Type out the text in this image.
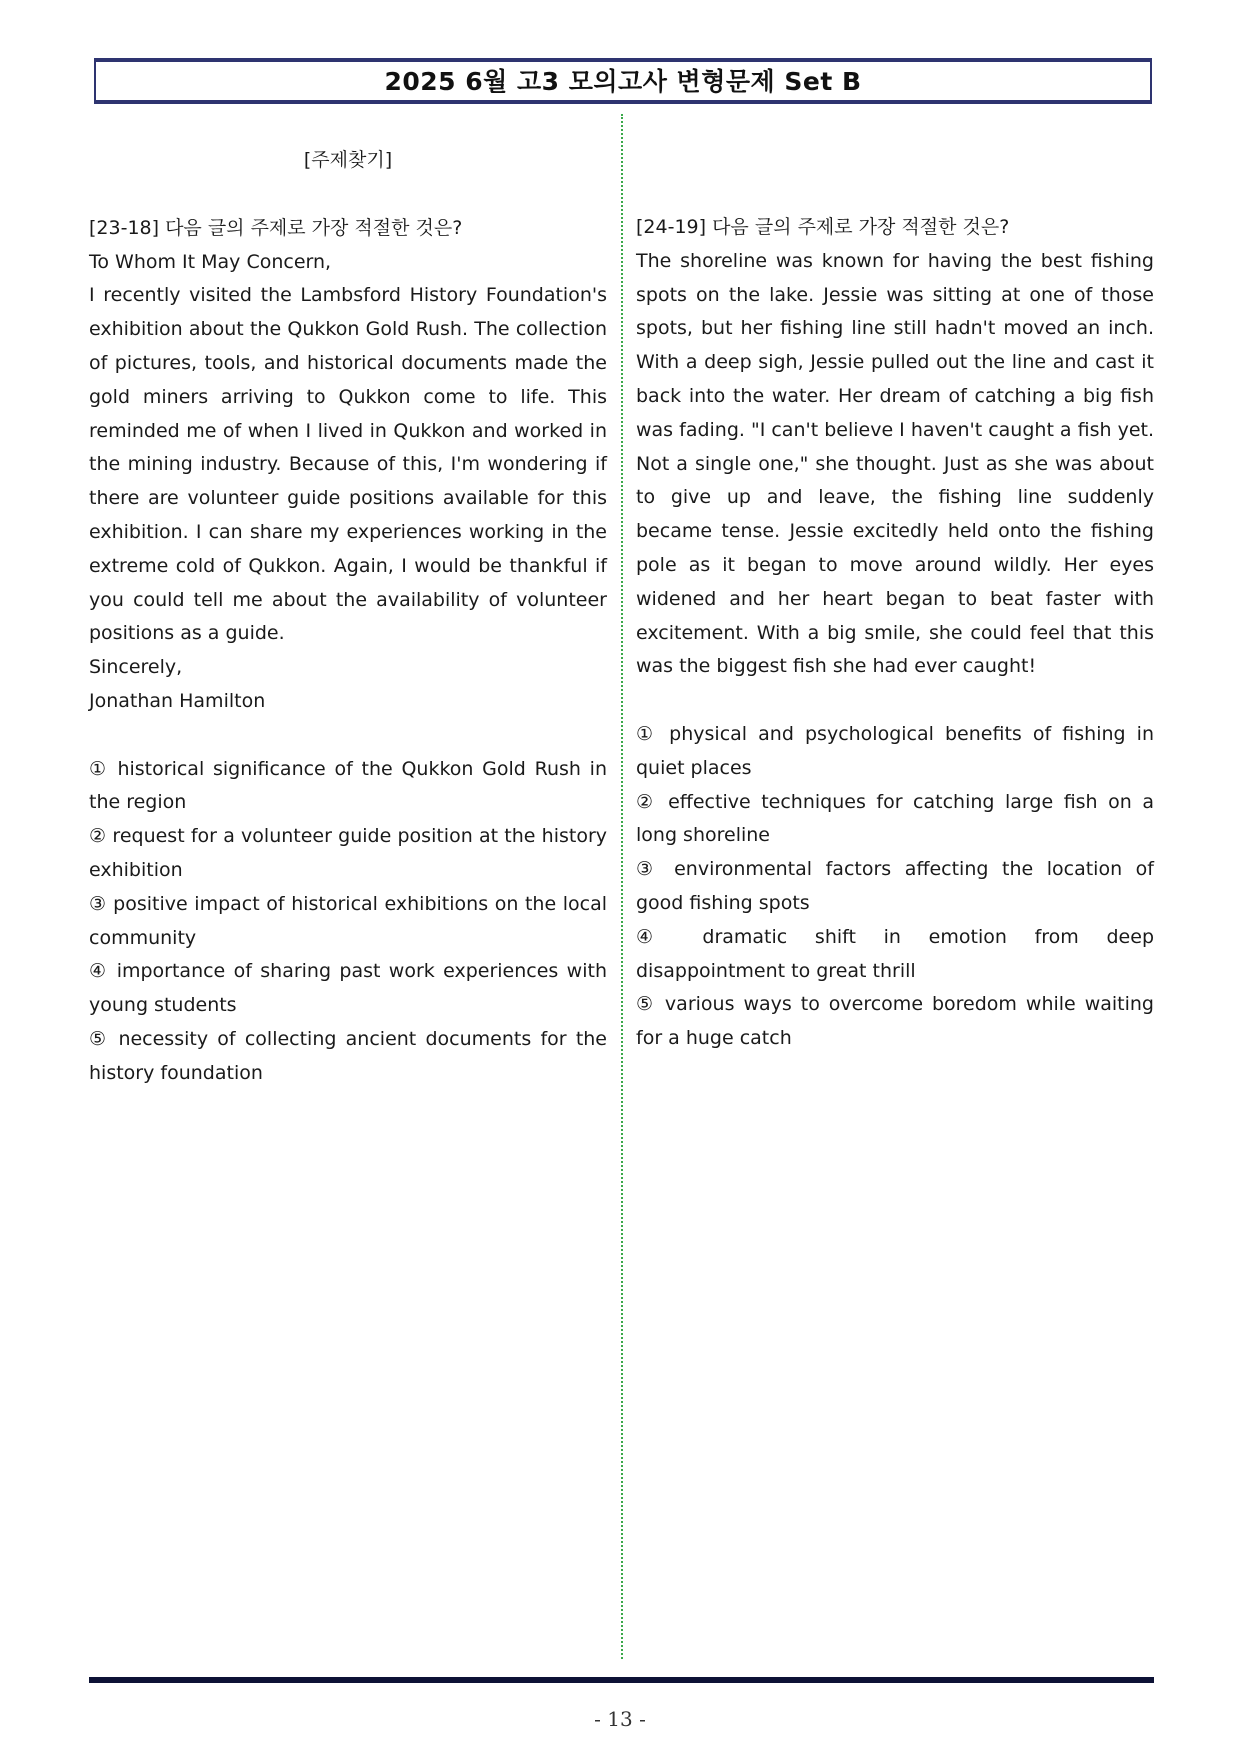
2025 6월 고3 모의고사 변형문제 Set B
[주제찾기]
[23-18] 다음 글의 주제로 가장 적절한 것은?

To Whom It May Concern,

I recently visited the Lambsford History Foundation's exhibition about the Qukkon Gold Rush. The collection of pictures, tools, and historical documents made the gold miners arriving to Qukkon come to life. This reminded me of when I lived in Qukkon and worked in the mining industry. Because of this, I'm wondering if there are volunteer guide positions available for this exhibition. I can share my experiences working in the extreme cold of Qukkon. Again, I would be thankful if you could tell me about the availability of volunteer positions as a guide.

Sincerely,

Jonathan Hamilton

① historical significance of the Qukkon Gold Rush in the region

② request for a volunteer guide position at the history exhibition

③ positive impact of historical exhibitions on the local community

④ importance of sharing past work experiences with young students

⑤ necessity of collecting ancient documents for the history foundation

[24-19] 다음 글의 주제로 가장 적절한 것은?

The shoreline was known for having the best fishing spots on the lake. Jessie was sitting at one of those spots, but her fishing line still hadn't moved an inch. With a deep sigh, Jessie pulled out the line and cast it back into the water. Her dream of catching a big fish was fading. "I can't believe I haven't caught a fish yet. Not a single one," she thought. Just as she was about to give up and leave, the fishing line suddenly became tense. Jessie excitedly held onto the fishing pole as it began to move around wildly. Her eyes widened and her heart began to beat faster with excitement. With a big smile, she could feel that this was the biggest fish she had ever caught!

① physical and psychological benefits of fishing in quiet places

② effective techniques for catching large fish on a long shoreline

③ environmental factors affecting the location of good fishing spots

④ dramatic shift in emotion from deep disappointment to great thrill

⑤ various ways to overcome boredom while waiting for a huge catch

- 13 -
